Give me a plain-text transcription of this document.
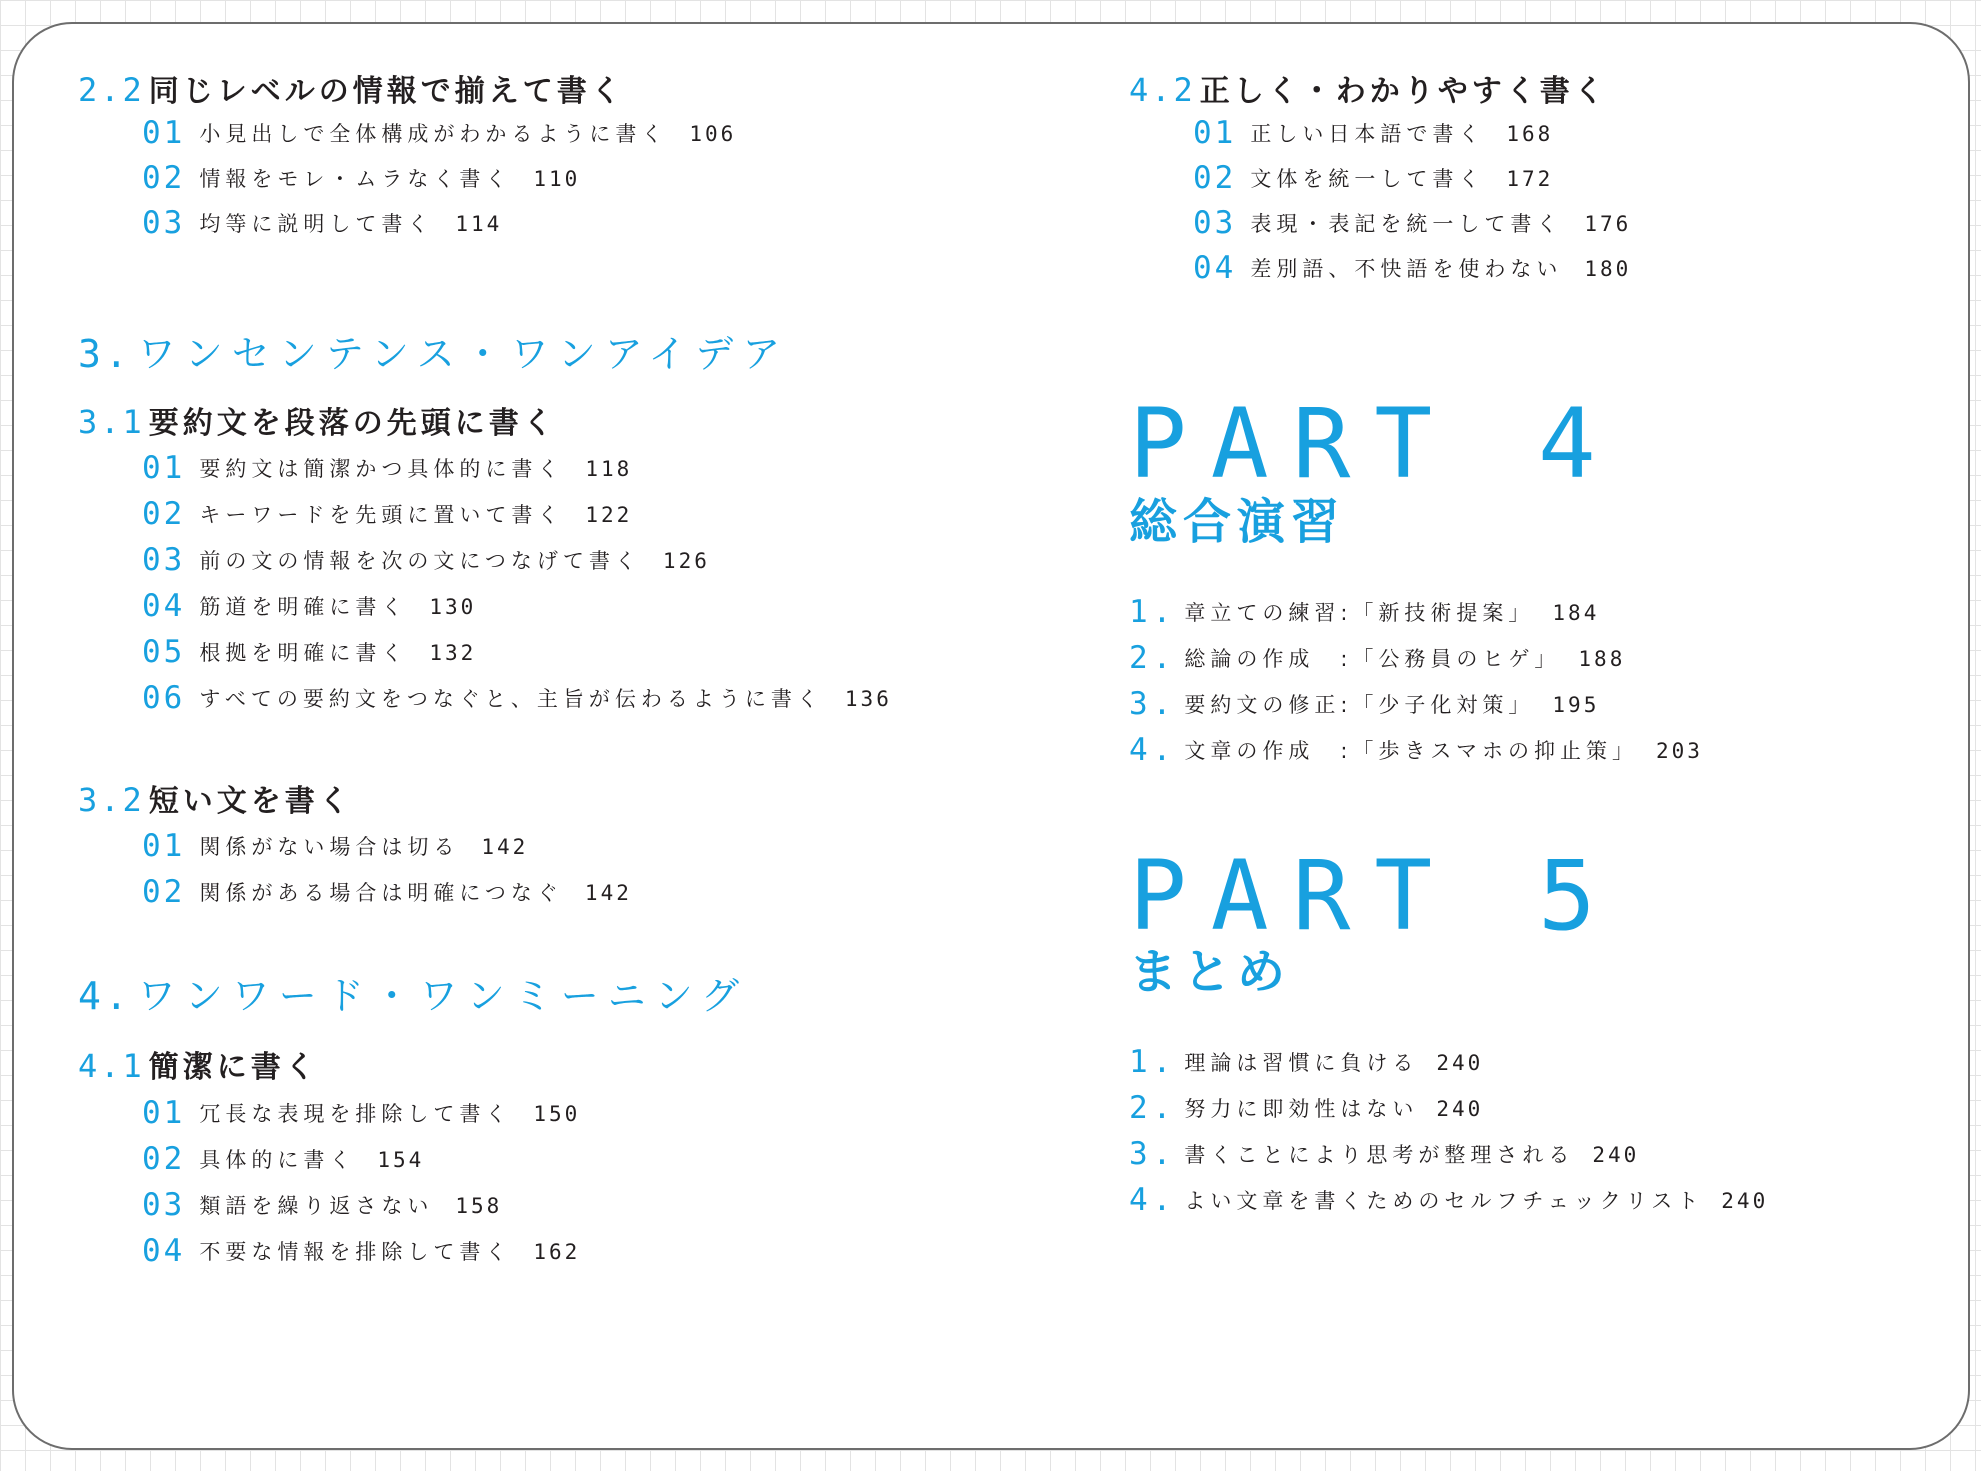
2.2 同じレベルの情報で揃えて書く
01 小見出しで全体構成がわかるように書く 106
02 情報をモレ・ムラなく書く 110
03 均等に説明して書く 114
3. ワンセンテンス・ワンアイデア
3.1 要約文を段落の先頭に書く
01 要約文は簡潔かつ具体的に書く 118
02 キーワードを先頭に置いて書く 122
03 前の文の情報を次の文につなげて書く 126
04 筋道を明確に書く 130
05 根拠を明確に書く 132
06 すべての要約文をつなぐと、主旨が伝わるように書く 136
3.2 短い文を書く
01 関係がない場合は切る 142
02 関係がある場合は明確につなぐ 142
4. ワンワード・ワンミーニング
4.1 簡潔に書く
01 冗長な表現を排除して書く 150
02 具体的に書く 154
03 類語を繰り返さない 158
04 不要な情報を排除して書く 162
4.2 正しく・わかりやすく書く
01 正しい日本語で書く 168
02 文体を統一して書く 172
03 表現・表記を統一して書く 176
04 差別語、不快語を使わない 180
PART 4
総合演習
1. 章立ての練習:「新技術提案」 184
2. 総論の作成　:「公務員のヒゲ」 188
3. 要約文の修正:「少子化対策」 195
4. 文章の作成　:「歩きスマホの抑止策」 203
PART 5
まとめ
1. 理論は習慣に負ける 240
2. 努力に即効性はない 240
3. 書くことにより思考が整理される 240
4. よい文章を書くためのセルフチェックリスト 240
